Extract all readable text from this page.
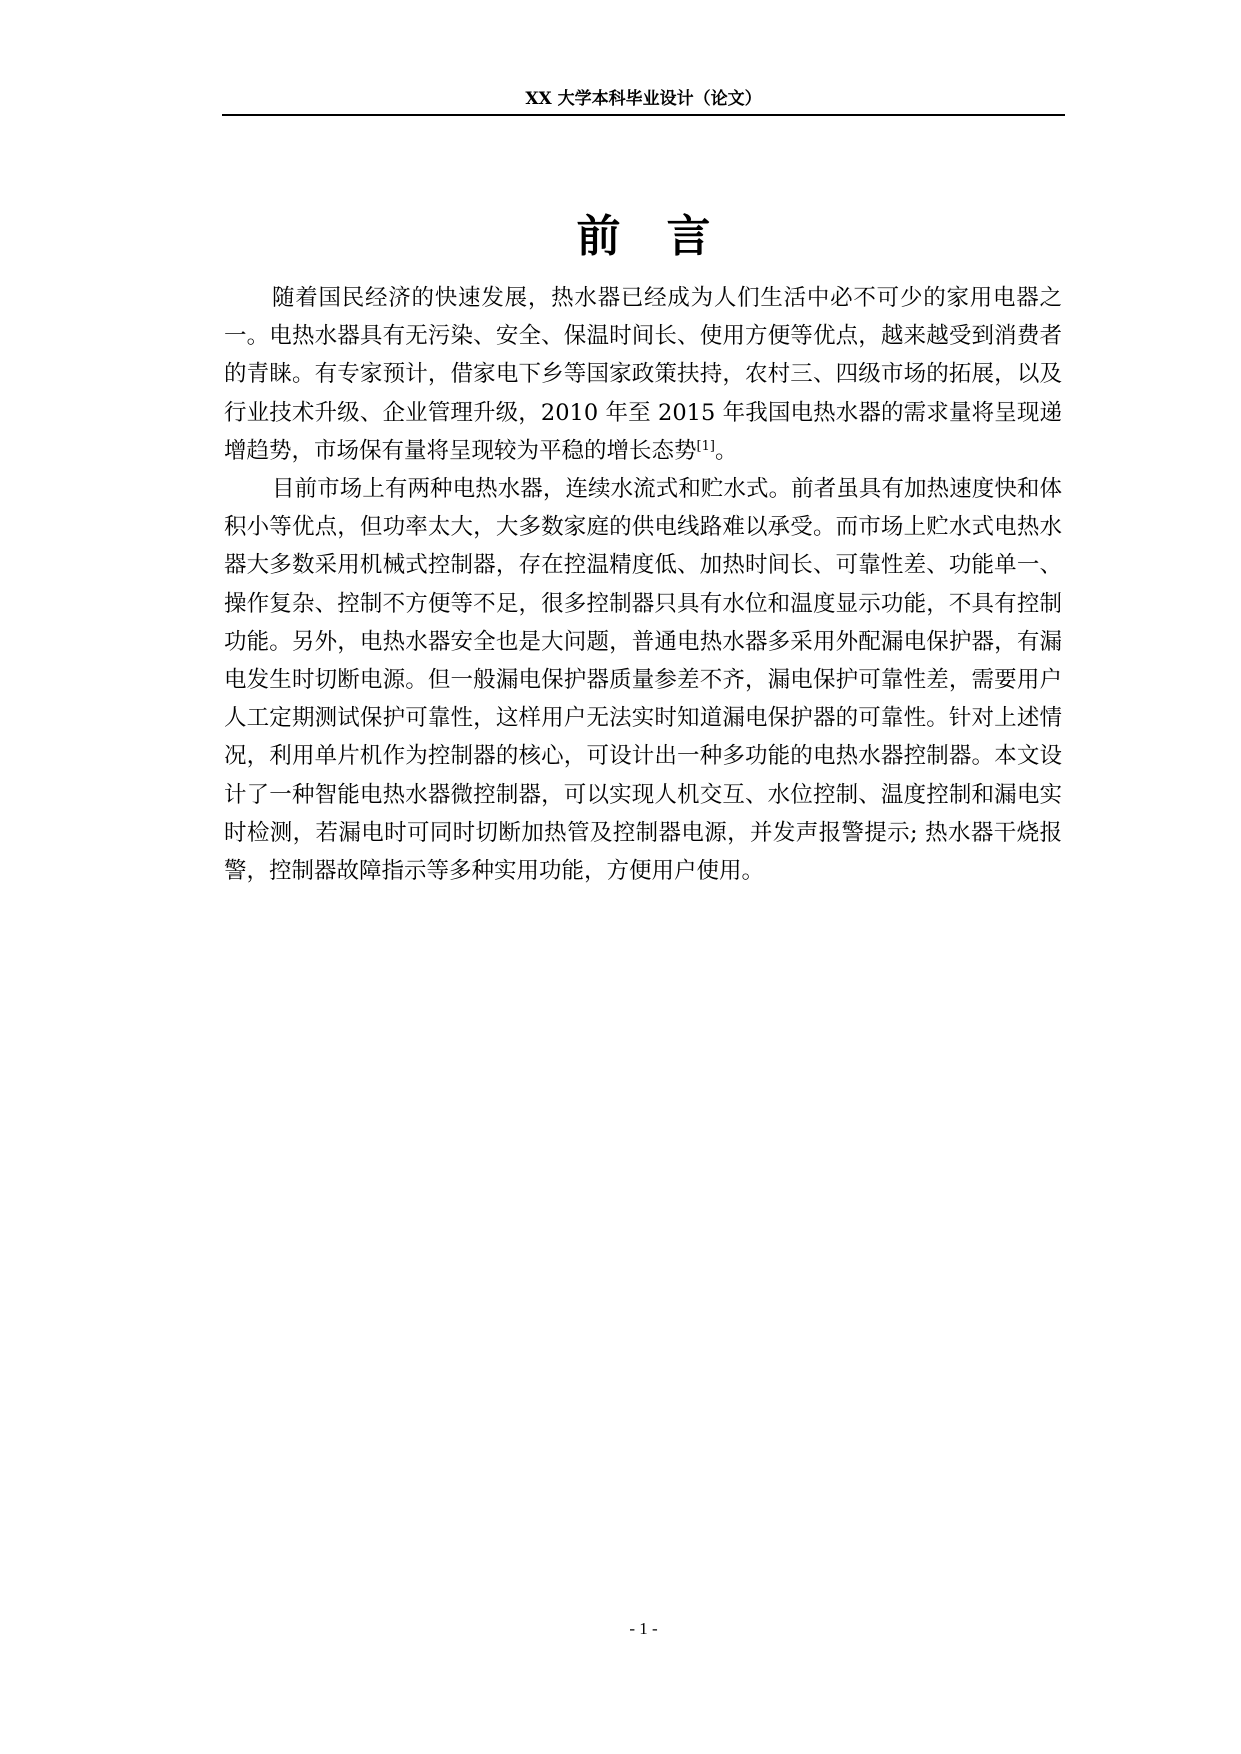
XX 大学本科毕业设计（论文）
前言

随着国民经济的快速发展，热水器已经成为人们生活中必不可少的家用电器之一。电热水器具有无污染、安全、保温时间长、使用方便等优点，越来越受到消费者的青睐。有专家预计，借家电下乡等国家政策扶持，农村三、四级市场的拓展，以及行业技术升级、企业管理升级，2010 年至 2015 年我国电热水器的需求量将呈现递增趋势，市场保有量将呈现较为平稳的增长态势[1]。

目前市场上有两种电热水器，连续水流式和贮水式。前者虽具有加热速度快和体积小等优点，但功率太大，大多数家庭的供电线路难以承受。而市场上贮水式电热水器大多数采用机械式控制器，存在控温精度低、加热时间长、可靠性差、功能单一、操作复杂、控制不方便等不足，很多控制器只具有水位和温度显示功能，不具有控制功能。另外，电热水器安全也是大问题，普通电热水器多采用外配漏电保护器，有漏电发生时切断电源。但一般漏电保护器质量参差不齐，漏电保护可靠性差，需要用户人工定期测试保护可靠性，这样用户无法实时知道漏电保护器的可靠性。针对上述情况，利用单片机作为控制器的核心，可设计出一种多功能的电热水器控制器。本文设计了一种智能电热水器微控制器，可以实现人机交互、水位控制、温度控制和漏电实时检测，若漏电时可同时切断加热管及控制器电源，并发声报警提示; 热水器干烧报警，控制器故障指示等多种实用功能，方便用户使用。

- 1 -
